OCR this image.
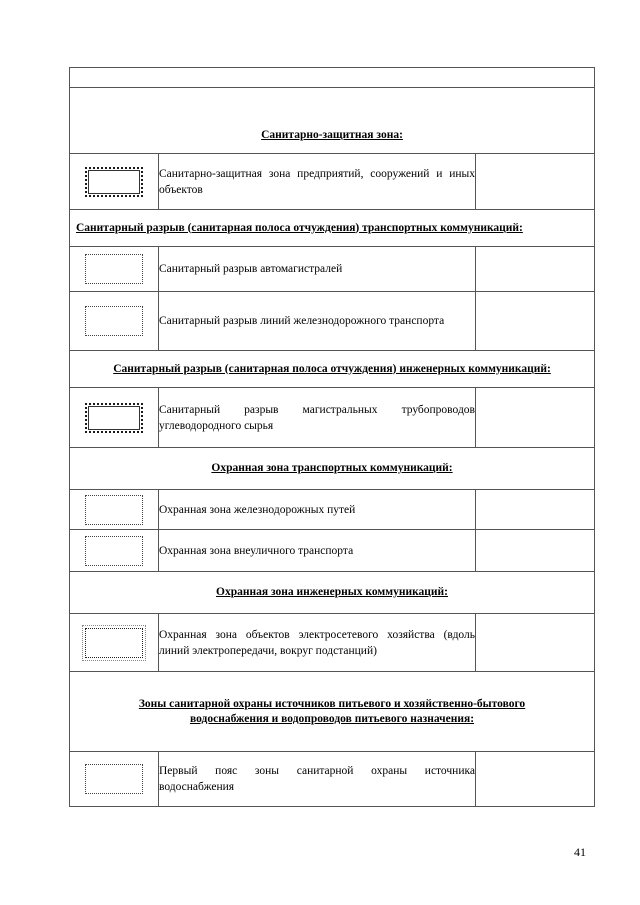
Санитарно-защитная зона:		
	Санитарно-защитная зона предприятий, сооружений и иных объектов	
Санитарный разрыв (санитарная полоса отчуждения) транспортных коммуникаций:		
	Санитарный разрыв автомагистралей	
	Санитарный разрыв линий железнодорожного транспорта	
Санитарный разрыв (санитарная полоса отчуждения) инженерных коммуникаций:		
	Санитарный разрыв магистральных трубопроводов углеводородного сырья	
Охранная зона транспортных коммуникаций:		
	Охранная зона железнодорожных путей	
	Охранная зона внеуличного транспорта	
Охранная зона инженерных коммуникаций:		
	Охранная зона объектов электросетевого хозяйства (вдоль линий электропередачи, вокруг подстанций)	
Зоны санитарной охраны источников питьевого и хозяйственно-бытового водоснабжения и водопроводов питьевого назначения:		
	Первый пояс зоны санитарной охраны источника водоснабжения	
41
